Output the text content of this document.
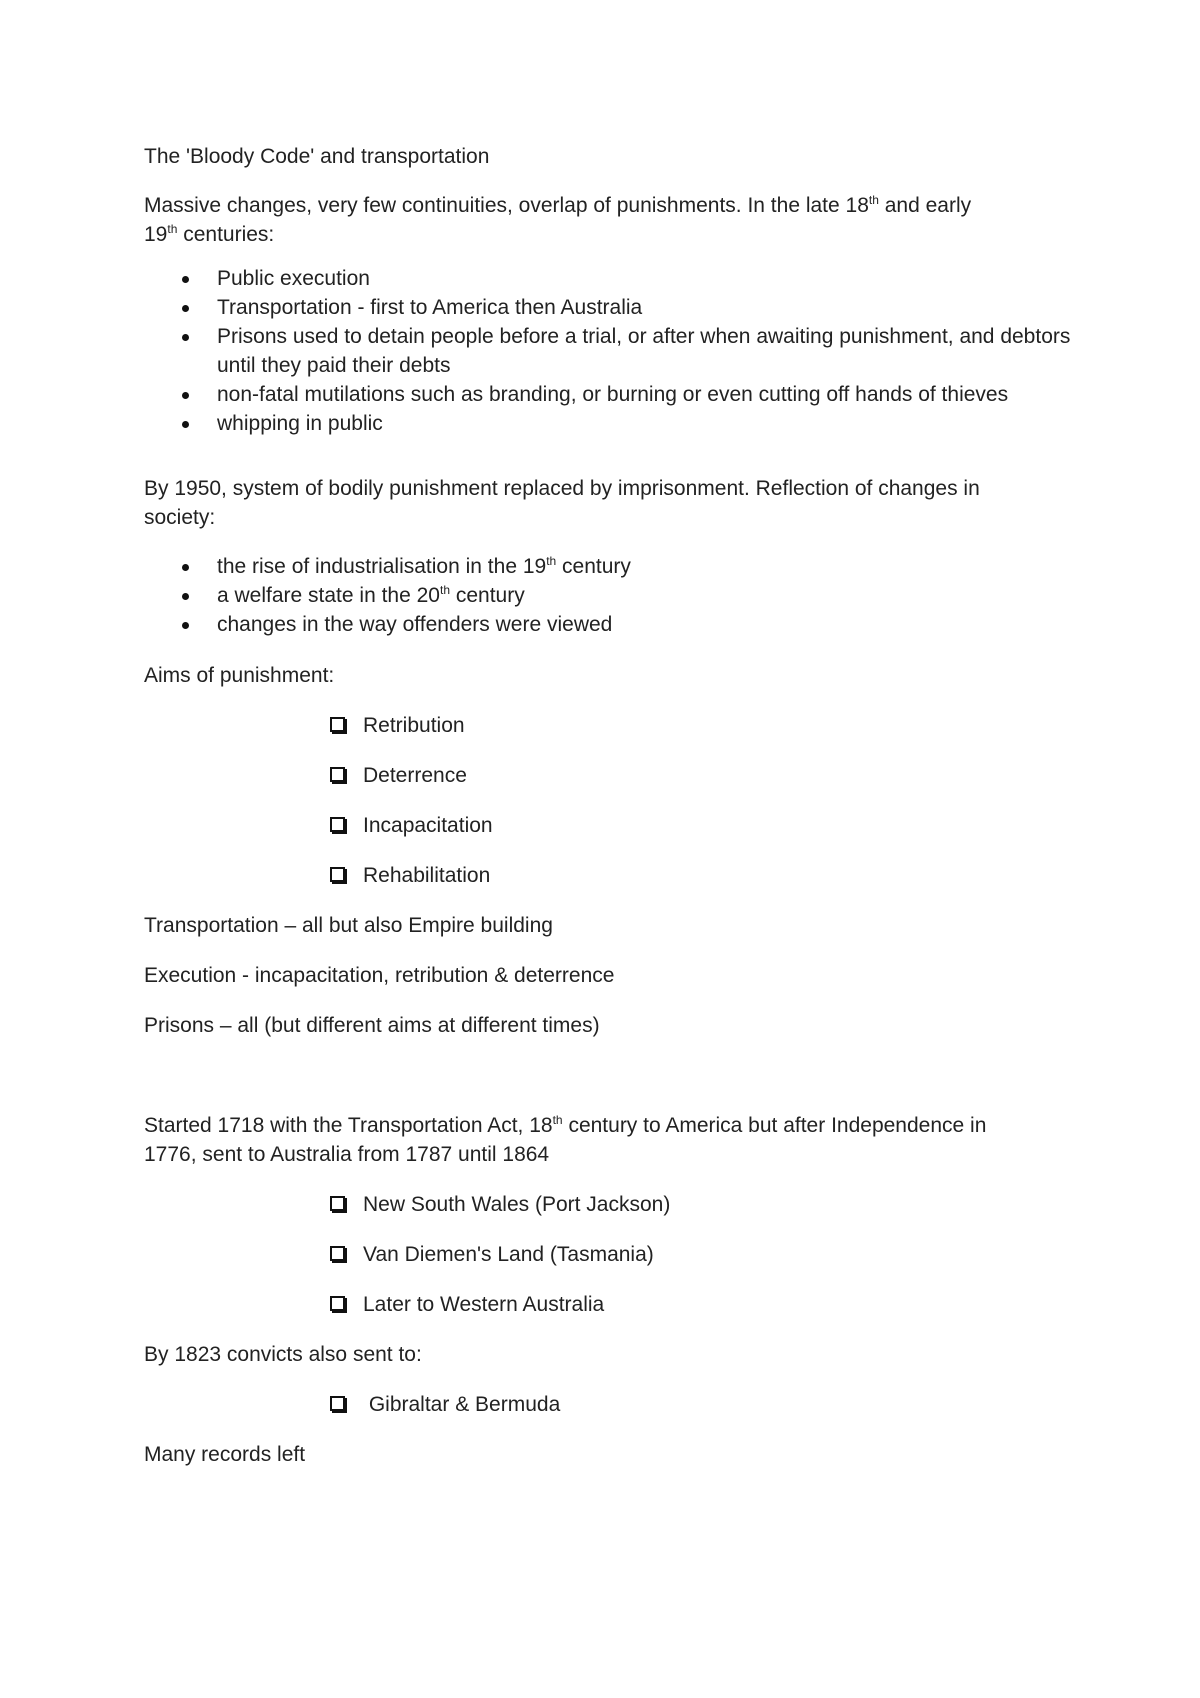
The 'Bloody Code' and transportation

Massive changes, very few continuities, overlap of punishments. In the late 18th and early
19th centuries:

Public execution
Transportation - first to America then Australia
Prisons used to detain people before a trial, or after when awaiting punishment, and debtors until they paid their debts
non-fatal mutilations such as branding, or burning or even cutting off hands of thieves
whipping in public

By 1950, system of bodily punishment replaced by imprisonment. Reflection of changes in
society:

the rise of industrialisation in the 19th century
a welfare state in the 20th century
changes in the way offenders were viewed

Aims of punishment:

Retribution
Deterrence
Incapacitation
Rehabilitation

Transportation – all but also Empire building

Execution - incapacitation, retribution & deterrence

Prisons – all (but different aims at different times)

Started 1718 with the Transportation Act, 18th century to America but after Independence in
1776, sent to Australia from 1787 until 1864

New South Wales (Port Jackson)
Van Diemen's Land (Tasmania)
Later to Western Australia

By 1823 convicts also sent to:

Gibraltar & Bermuda

Many records left
